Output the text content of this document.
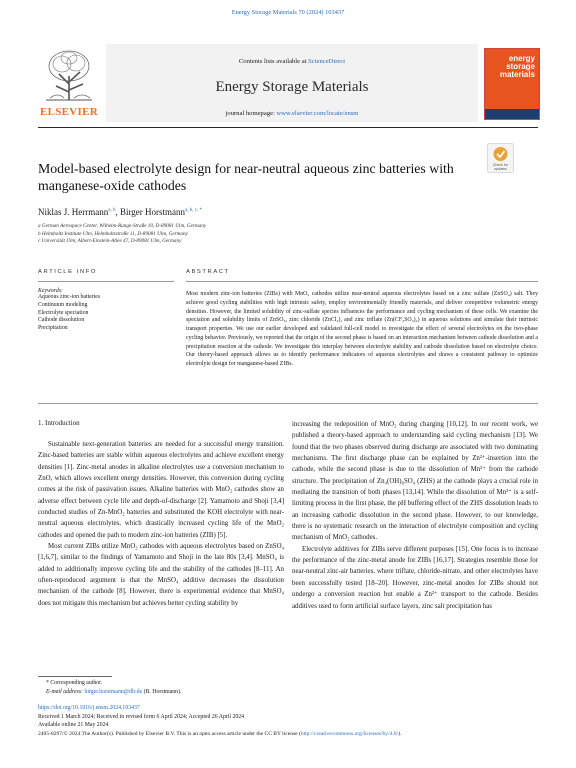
Energy Storage Materials 70 (2024) 103437
ELSEVIER
Contents lists available at ScienceDirect
Energy Storage Materials
journal homepage: www.elsevier.com/locate/ensm
energy
storage
materials
Model-based electrolyte design for near-neutral aqueous zinc batteries with manganese-oxide cathodes
Check for
updates
Niklas J. Herrmann$^{a, b}$, Birger Horstmann$^{a, b, c, *}$
a German Aerospace Center, Wilhelm-Runge-Straße 10, D-89081 Ulm, Germany
b Helmholtz Institute Ulm, Helmholtzstraße 11, D-89081 Ulm, Germany
c Universität Ulm, Albert-Einstein-Allee 47, D-89081 Ulm, Germany
ARTICLE INFO	ABSTRACT
Keywords:
Aqueous zinc-ion batteries
Continuum modeling
Electrolyte speciation
Cathode dissolution
Precipitation
Most modern zinc-ion batteries (ZIBs) with MnO₂ cathodes utilize near-neutral aqueous electrolytes based on a zinc sulfate (ZnSO₄) salt. They achieve good cycling stabilities with high intrinsic safety, employ environmentally friendly materials, and deliver competitive volumetric energy densities. However, the limited solubility of zinc-sulfate species influences the performance and cycling mechanism of these cells. We examine the speciation and solubility limits of ZnSO₄, zinc chloride (ZnCl₂), and zinc triflate (Zn(CF₃SO₃)₂) in aqueous solutions and simulate their intrinsic transport properties. We use our earlier developed and validated full-cell model to investigate the effect of several electrolytes on the two-phase cycling behavior. Previously, we reported that the origin of the second phase is based on an interaction mechanism between cathode dissolution and a precipitation reaction at the cathode. We investigate this interplay between electrolyte stability and cathode dissolution based on electrolyte choice. Our theory-based approach allows us to identify performance indicators of aqueous electrolytes and draws a consistent pathway to optimize electrolyte design for manganese-based ZIBs.
1. Introduction

Sustainable next-generation batteries are needed for a successful energy transition. Zinc-based batteries are stable within aqueous electrolytes and achieve excellent energy densities [1]. Zinc-metal anodes in alkaline electrolytes use a conversion mechanism to ZnO, which allows excellent energy densities. However, this conversion during cycling comes at the risk of passivation issues. Alkaline batteries with MnO₂ cathodes show an adverse effect between cycle life and depth-of-discharge [2]. Yamamoto and Shoji [3,4] conducted studies of Zn-MnO₂ batteries and substituted the KOH electrolyte with near-neutral aqueous electrolytes, which drastically increased cycling life of the MnO₂ cathodes and opened the path to modern zinc-ion batteries (ZIB) [5].

Most current ZIBs utilize MnO₂ cathodes with aqueous electrolytes based on ZnSO₄ [1,6,7], similar to the findings of Yamamoto and Shoji in the late 80s [3,4]. MnSO₄ is added to additionally improve cycling life and the stability of the cathodes [8–11]. An often-reproduced argument is that the MnSO₄ additive decreases the dissolution mechanism of the cathode [8]. However, there is experimental evidence that MnSO₄ does not mitigate this mechanism but achieves better cycling stability by

increasing the redeposition of MnO₂ during charging [10,12]. In our recent work, we published a theory-based approach to understanding said cycling mechanism [13]. We found that the two phases observed during discharge are associated with two dominating mechanisms. The first discharge phase can be explained by Zn²⁺-insertion into the cathode, while the second phase is due to the dissolution of Mn²⁺ from the cathode structure. The precipitation of Zn₄(OH)₆SO₄ (ZHS) at the cathode plays a crucial role in mediating the transition of both phases [13,14]. While the dissolution of Mn²⁺ is a self-limiting process in the first phase, the pH buffering effect of the ZHS dissolution leads to an increasing cathodic dissolution in the second phase. However, to our knowledge, there is no systematic research on the interaction of electrolyte composition and cycling mechanism of MnO₂ cathodes.

Electrolyte additives for ZIBs serve different purposes [15]. One focus is to increase the performance of the zinc-metal anode for ZIBs [16,17]. Strategies resemble those for near-neutral zinc-air batteries, where triflate, chloride-nitrate, and other electrolytes have been successfully tested [18–20]. However, zinc-metal anodes for ZIBs should not undergo a conversion reaction but enable a Zn²⁺ transport to the cathode. Besides additives used to form artificial surface layers, zinc salt precipitation has

* Corresponding author.
E-mail address: birger.horstmann@dlr.de (B. Horstmann).
https://doi.org/10.1016/j.ensm.2024.103437
Received 1 March 2024; Received in revised form 6 April 2024; Accepted 26 April 2024
Available online 21 May 2024
2405-8297/© 2024 The Author(s). Published by Elsevier B.V. This is an open access article under the CC BY license (http://creativecommons.org/licenses/by/4.0/).
